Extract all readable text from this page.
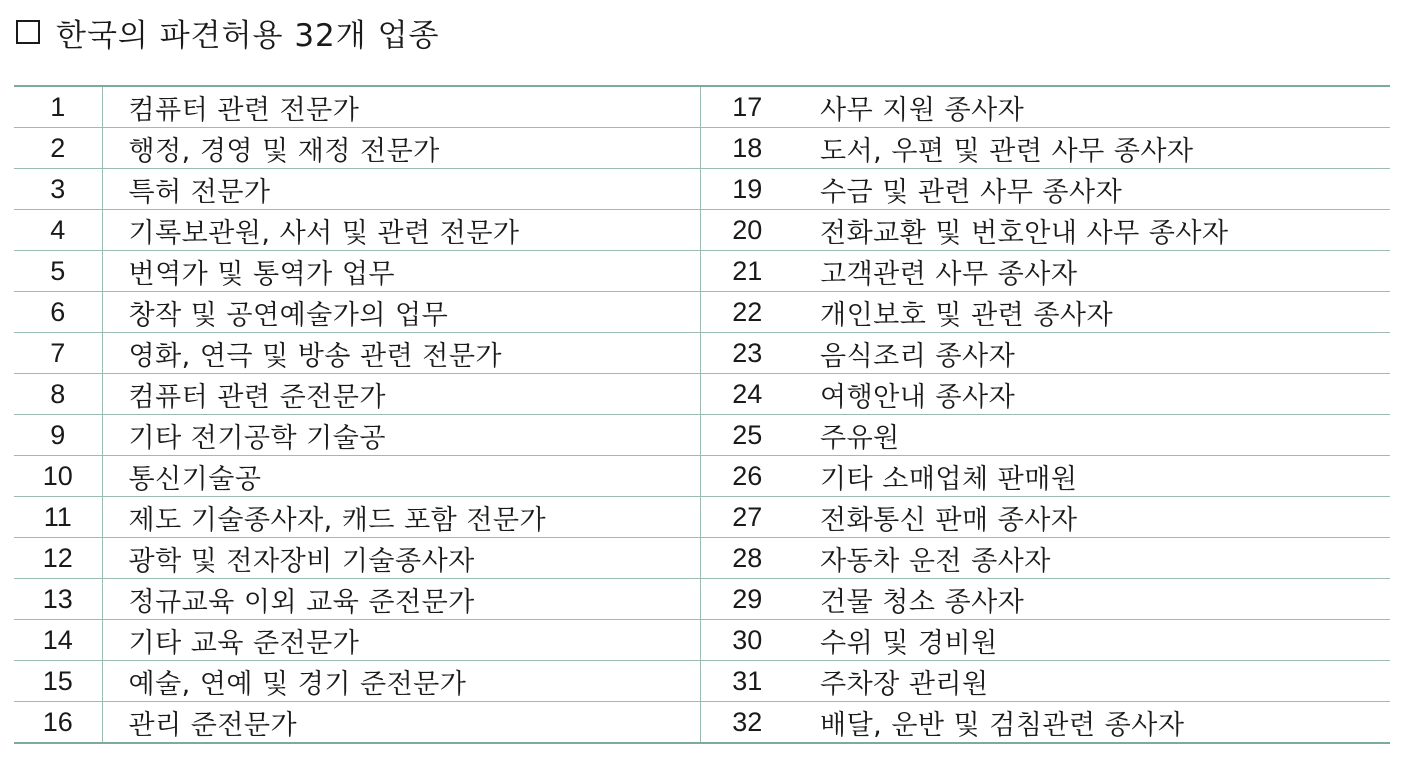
한국의 파견허용 32개 업종
1	컴퓨터 관련 전문가	17	사무 지원 종사자
2	행정, 경영 및 재정 전문가	18	도서, 우편 및 관련 사무 종사자
3	특허 전문가	19	수금 및 관련 사무 종사자
4	기록보관원, 사서 및 관련 전문가	20	전화교환 및 번호안내 사무 종사자
5	번역가 및 통역가 업무	21	고객관련 사무 종사자
6	창작 및 공연예술가의 업무	22	개인보호 및 관련 종사자
7	영화, 연극 및 방송 관련 전문가	23	음식조리 종사자
8	컴퓨터 관련 준전문가	24	여행안내 종사자
9	기타 전기공학 기술공	25	주유원
10	통신기술공	26	기타 소매업체 판매원
11	제도 기술종사자, 캐드 포함 전문가	27	전화통신 판매 종사자
12	광학 및 전자장비 기술종사자	28	자동차 운전 종사자
13	정규교육 이외 교육 준전문가	29	건물 청소 종사자
14	기타 교육 준전문가	30	수위 및 경비원
15	예술, 연예 및 경기 준전문가	31	주차장 관리원
16	관리 준전문가	32	배달, 운반 및 검침관련 종사자
